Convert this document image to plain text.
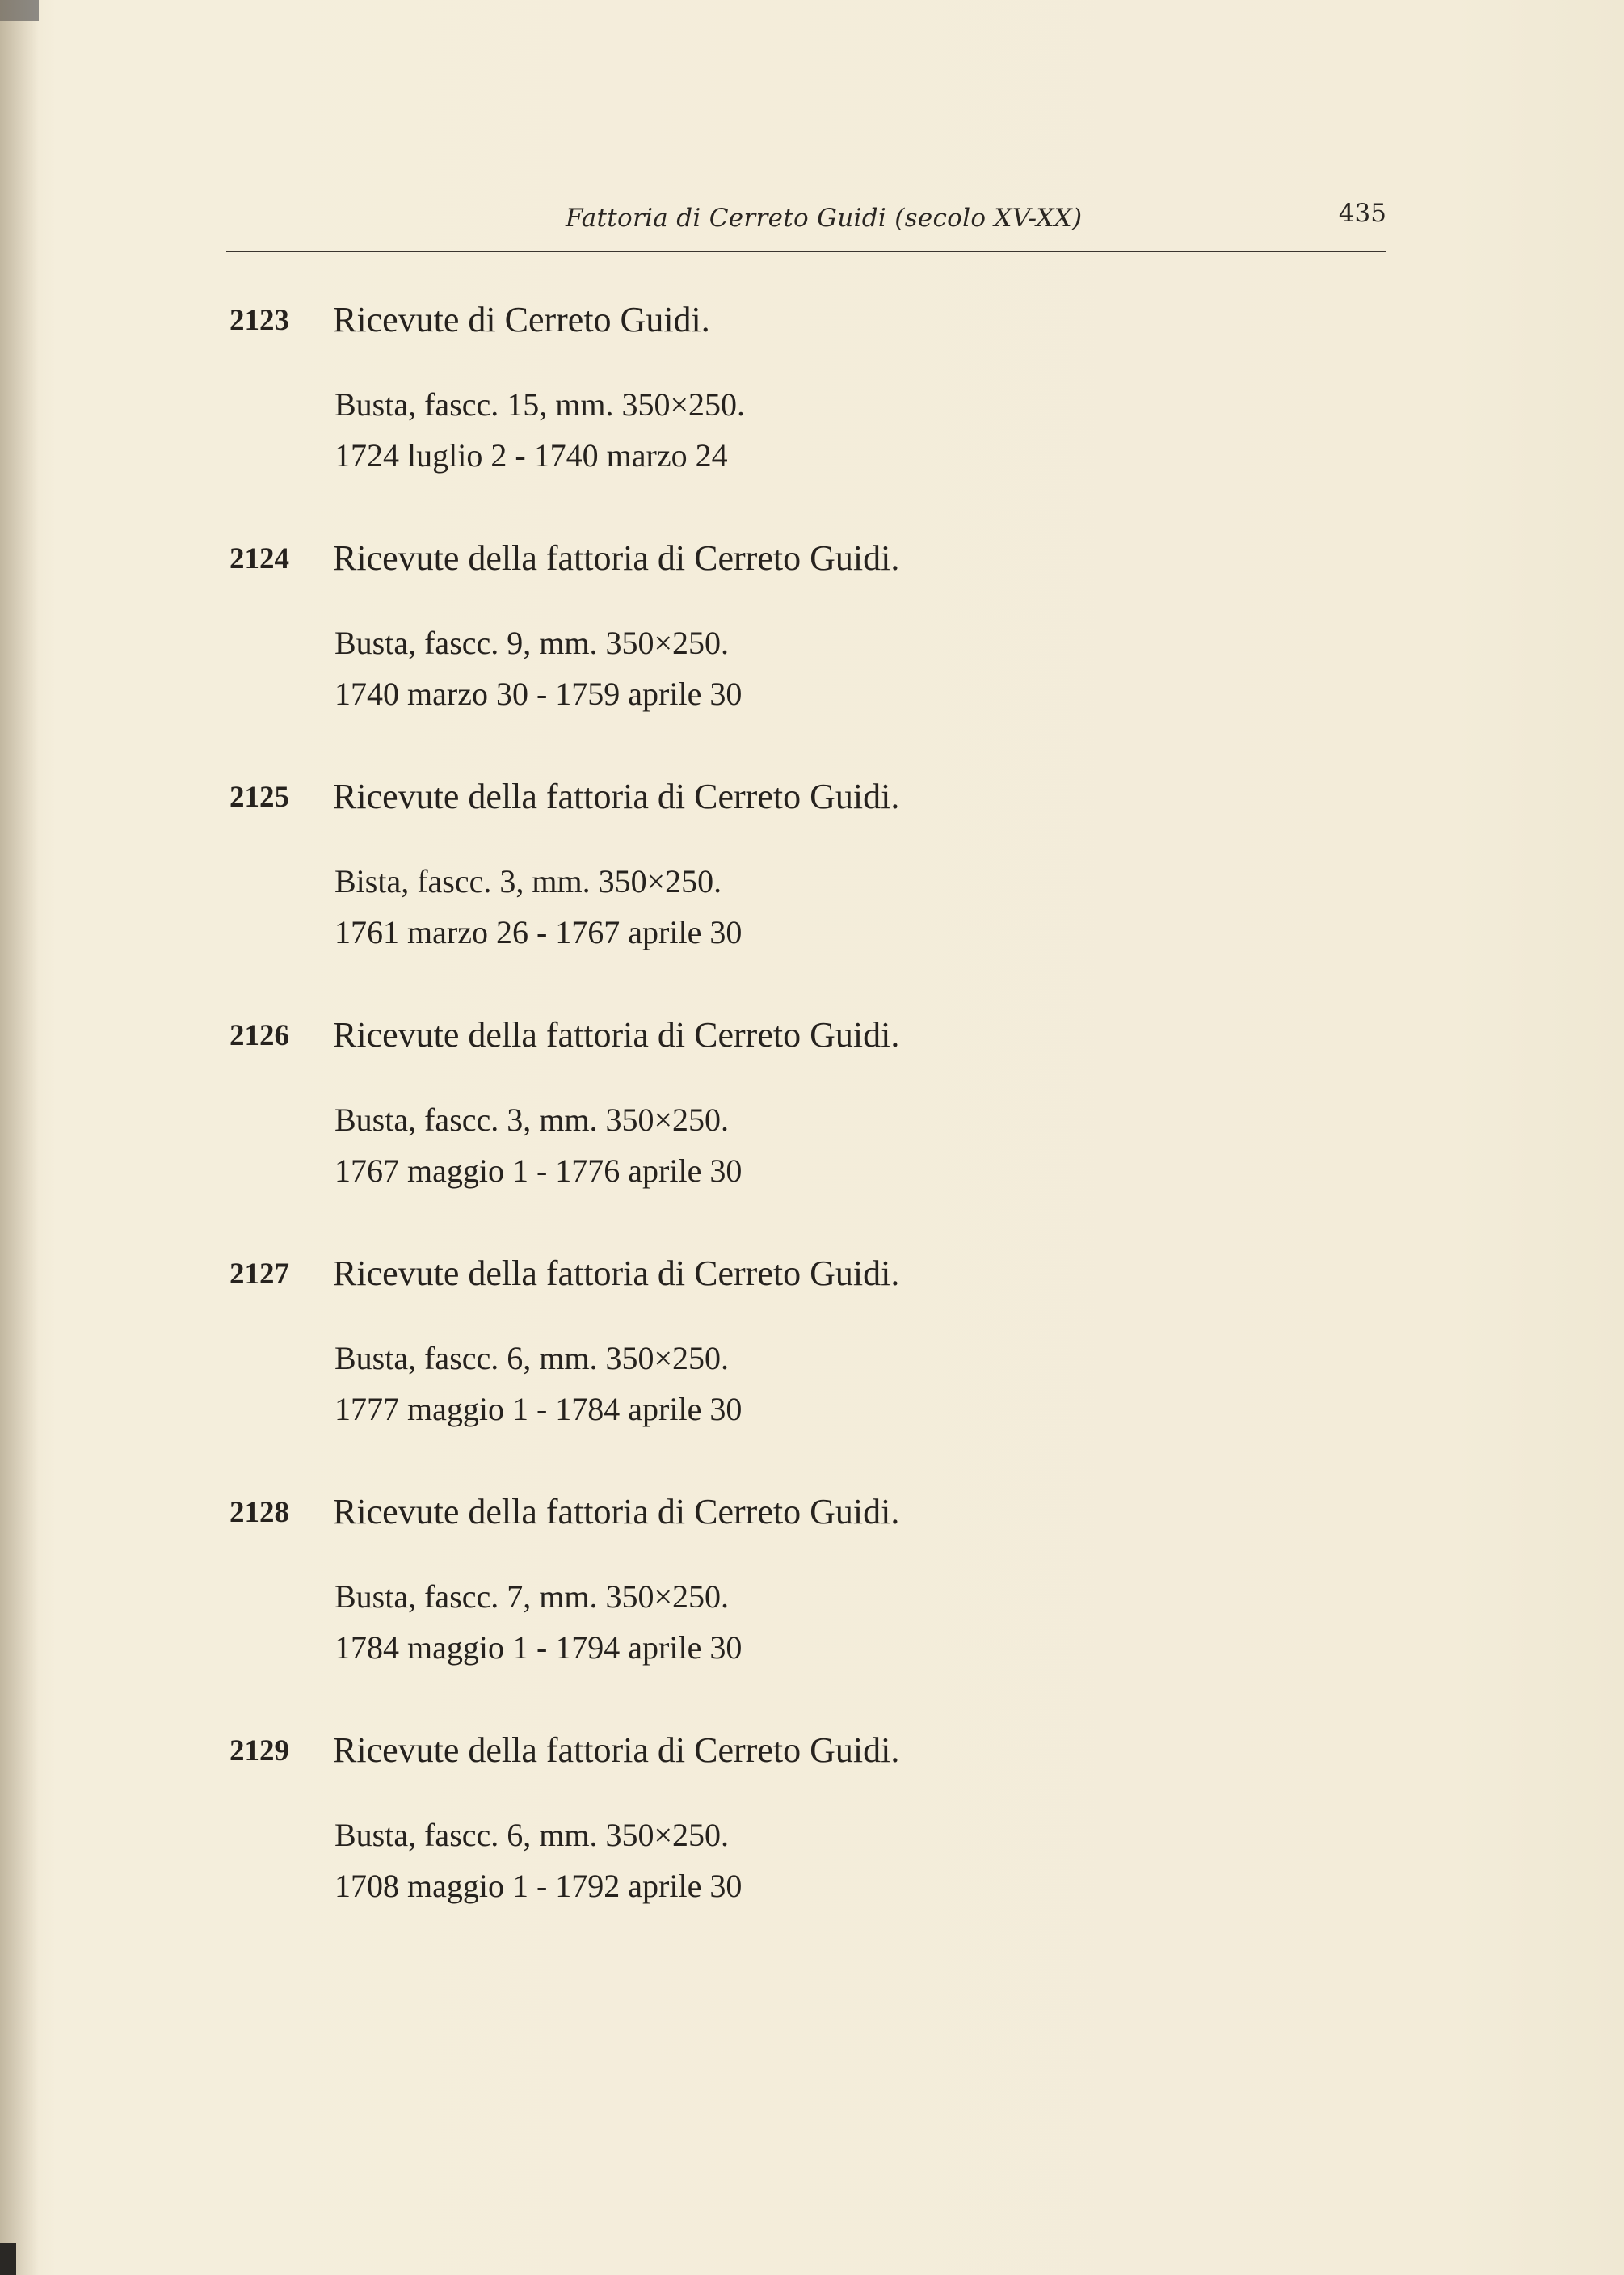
Fattoria di Cerreto Guidi (secolo XV-XX)	435
2123 Ricevute di Cerreto Guidi.
Busta, fascc. 15, mm. 350×250.
1724 luglio 2 - 1740 marzo 24
2124 Ricevute della fattoria di Cerreto Guidi.
Busta, fascc. 9, mm. 350×250.
1740 marzo 30 - 1759 aprile 30
2125 Ricevute della fattoria di Cerreto Guidi.
Bista, fascc. 3, mm. 350×250.
1761 marzo 26 - 1767 aprile 30
2126 Ricevute della fattoria di Cerreto Guidi.
Busta, fascc. 3, mm. 350×250.
1767 maggio 1 - 1776 aprile 30
2127 Ricevute della fattoria di Cerreto Guidi.
Busta, fascc. 6, mm. 350×250.
1777 maggio 1 - 1784 aprile 30
2128 Ricevute della fattoria di Cerreto Guidi.
Busta, fascc. 7, mm. 350×250.
1784 maggio 1 - 1794 aprile 30
2129 Ricevute della fattoria di Cerreto Guidi.
Busta, fascc. 6, mm. 350×250.
1708 maggio 1 - 1792 aprile 30
